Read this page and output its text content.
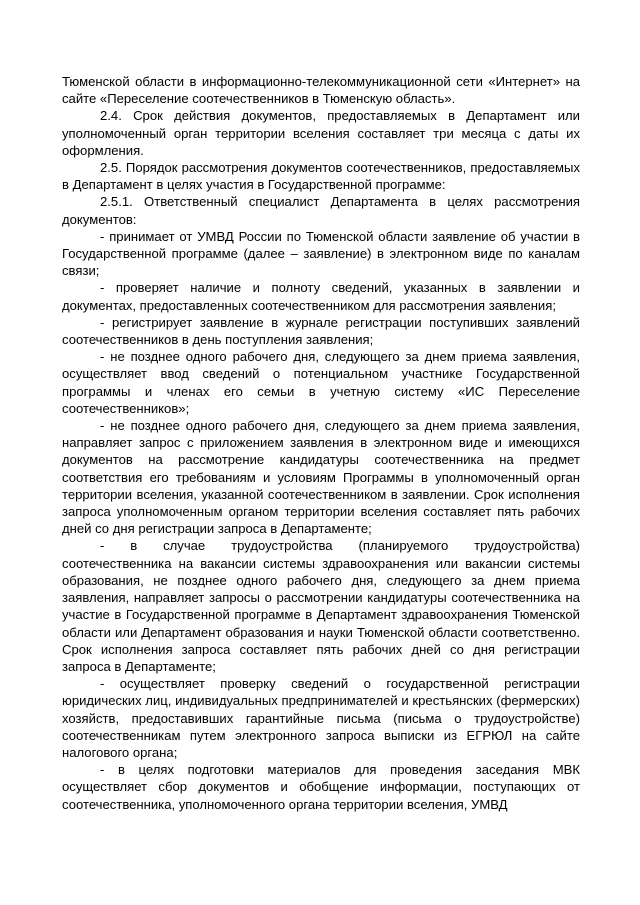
Тюменской области в информационно-телекоммуникационной сети «Интернет» на сайте «Переселение соотечественников в Тюменскую область».

2.4. Срок действия документов, предоставляемых в Департамент или уполномоченный орган территории вселения составляет три месяца с даты их оформления.

2.5. Порядок рассмотрения документов соотечественников, предоставляемых в Департамент в целях участия в Государственной программе:

2.5.1. Ответственный специалист Департамента в целях рассмотрения документов:

- принимает от УМВД России по Тюменской области заявление об участии в Государственной программе (далее – заявление) в электронном виде по каналам связи;

- проверяет наличие и полноту сведений, указанных в заявлении и документах, предоставленных соотечественником для рассмотрения заявления;

- регистрирует заявление в журнале регистрации поступивших заявлений соотечественников в день поступления заявления;

- не позднее одного рабочего дня, следующего за днем приема заявления, осуществляет ввод сведений о потенциальном участнике Государственной программы и членах его семьи в учетную систему «ИС Переселение соотечественников»;

- не позднее одного рабочего дня, следующего за днем приема заявления, направляет запрос с приложением заявления в электронном виде и имеющихся документов на рассмотрение кандидатуры соотечественника на предмет соответствия его требованиям и условиям Программы в уполномоченный орган территории вселения, указанной соотечественником в заявлении. Срок исполнения запроса уполномоченным органом территории вселения составляет пять рабочих дней со дня регистрации запроса в Департаменте;

- в случае трудоустройства (планируемого трудоустройства) соотечественника на вакансии системы здравоохранения или вакансии системы образования, не позднее одного рабочего дня, следующего за днем приема заявления, направляет запросы о рассмотрении кандидатуры соотечественника на участие в Государственной программе в Департамент здравоохранения Тюменской области или Департамент образования и науки Тюменской области соответственно. Срок исполнения запроса составляет пять рабочих дней со дня регистрации запроса в Департаменте;

- осуществляет проверку сведений о государственной регистрации юридических лиц, индивидуальных предпринимателей и крестьянских (фермерских) хозяйств, предоставивших гарантийные письма (письма о трудоустройстве) соотечественникам путем электронного запроса выписки из ЕГРЮЛ на сайте налогового органа;

- в целях подготовки материалов для проведения заседания МВК осуществляет сбор документов и обобщение информации, поступающих от соотечественника, уполномоченного органа территории вселения, УМВД
